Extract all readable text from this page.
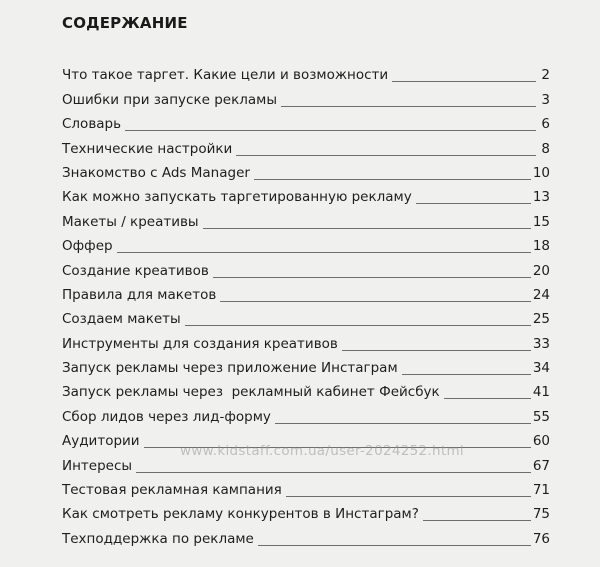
СОДЕРЖАНИЕ
Что такое таргет. Какие цели и возможности	2
Ошибки при запуске рекламы	3
Словарь	6
Технические настройки	8
Знакомство с Ads Manager	10
Как можно запускать таргетированную рекламу	13
Макеты / креативы	15
Оффер	18
Создание креативов	20
Правила для макетов	24
Создаем макеты	25
Инструменты для создания креативов	33
Запуск рекламы через приложение Инстаграм	34
Запуск рекламы через  рекламный кабинет Фейсбук	41
Сбор лидов через лид-форму	55
Аудитории	60
Интересы	67
Тестовая рекламная кампания	71
Как смотреть рекламу конкурентов в Инстаграм?	75
Техподдержка по рекламе	76
www.kidstaff.com.ua/user-2024252.html
